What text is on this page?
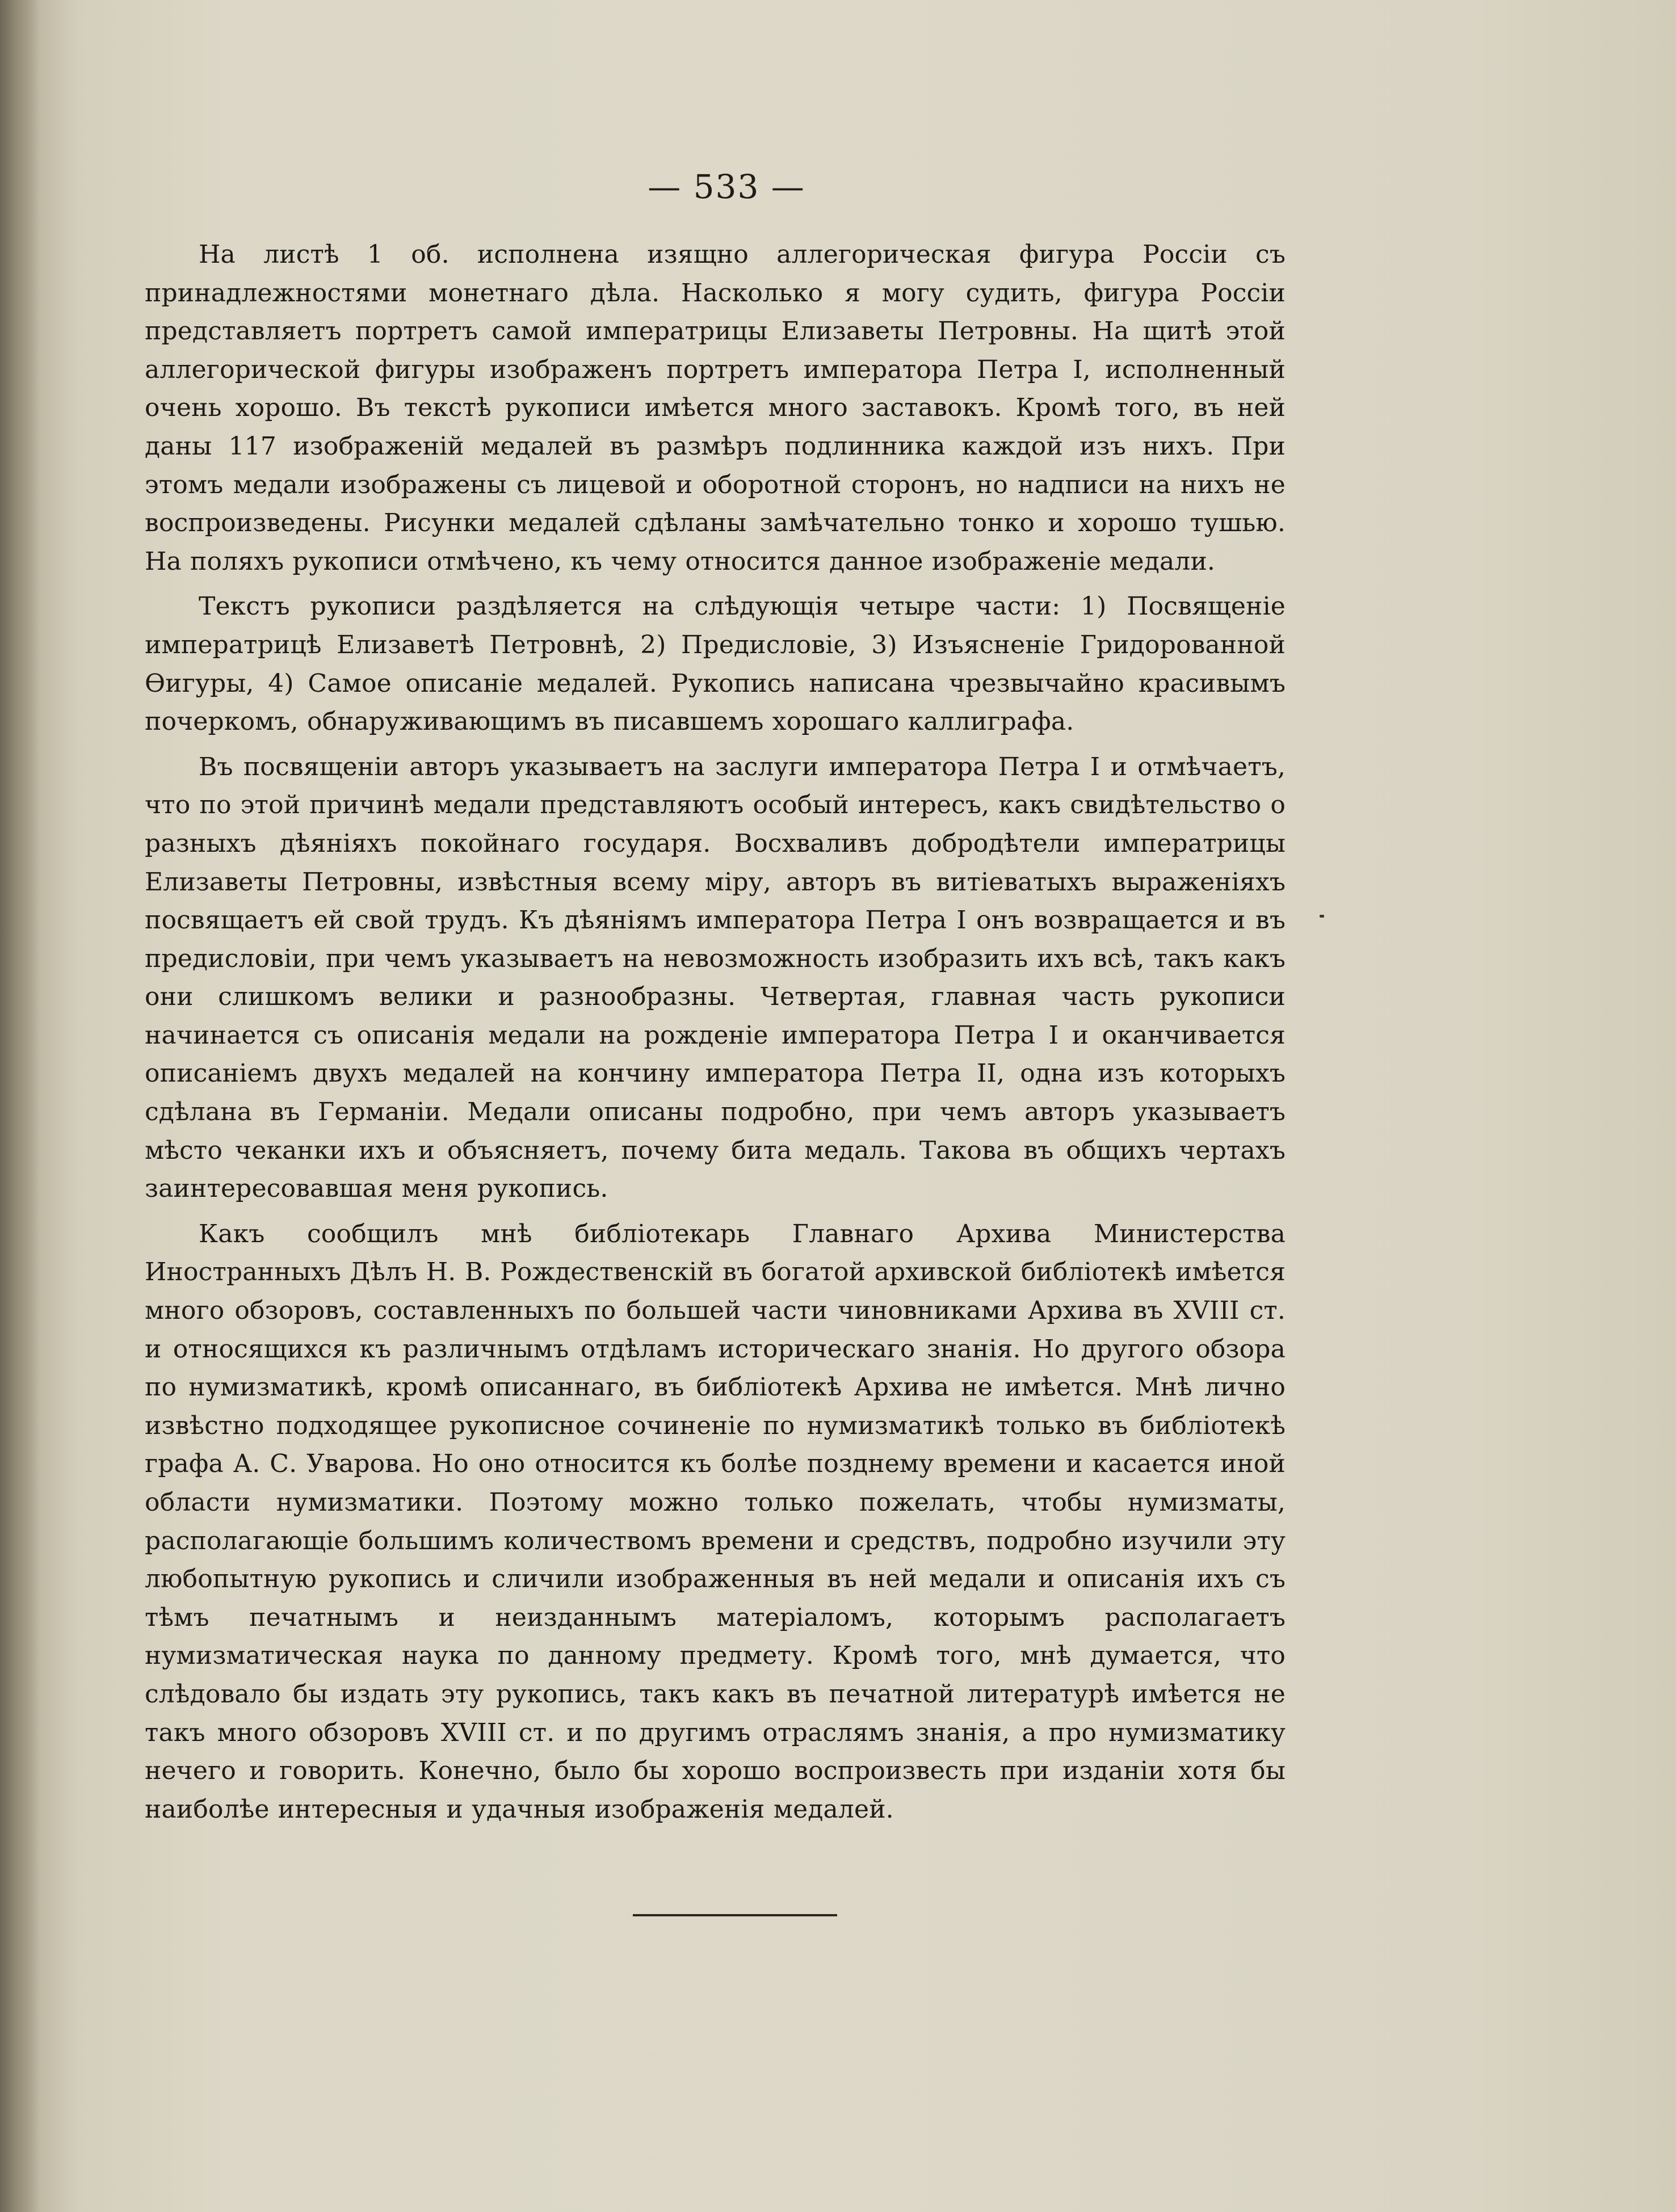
— 533 —

На листѣ 1 об. исполнена изящно аллегорическая фигура Россіи съ принадлежностями монетнаго дѣла. Насколько я могу судить, фигура Россіи представляетъ портретъ самой императрицы Елизаветы Петровны. На щитѣ этой аллегорической фигуры изображенъ портретъ императора Петра I, исполненный очень хорошо. Въ текстѣ рукописи имѣется много заставокъ. Кромѣ того, въ ней даны 117 изображеній медалей въ размѣръ подлинника каждой изъ нихъ. При этомъ медали изображены съ лицевой и оборотной сторонъ, но надписи на нихъ не воспроизведены. Рисунки медалей сдѣланы замѣчательно тонко и хорошо тушью. На поляхъ рукописи отмѣчено, къ чему относится данное изображеніе медали.

Текстъ рукописи раздѣляется на слѣдующія четыре части: 1) Посвященіе императрицѣ Елизаветѣ Петровнѣ, 2) Предисловіе, 3) Изъясненіе Гридорованной Ѳигуры, 4) Самое описаніе медалей. Рукопись написана чрезвычайно красивымъ почеркомъ, обнаруживающимъ въ писавшемъ хорошаго каллиграфа.

Въ посвященіи авторъ указываетъ на заслуги императора Петра I и отмѣчаетъ, что по этой причинѣ медали представляютъ особый интересъ, какъ свидѣтельство о разныхъ дѣяніяхъ покойнаго государя. Восхваливъ добродѣтели императрицы Елизаветы Петровны, извѣстныя всему міру, авторъ въ витіеватыхъ выраженіяхъ посвящаетъ ей свой трудъ. Къ дѣяніямъ императора Петра I онъ возвращается и въ предисловіи, при чемъ указываетъ на невозможность изобразить ихъ всѣ, такъ какъ они слишкомъ велики и разнообразны. Четвертая, главная часть рукописи начинается съ описанія медали на рожденіе императора Петра I и оканчивается описаніемъ двухъ медалей на кончину императора Петра II, одна изъ которыхъ сдѣлана въ Германіи. Медали описаны подробно, при чемъ авторъ указываетъ мѣсто чеканки ихъ и объясняетъ, почему бита медаль. Такова въ общихъ чертахъ заинтересовавшая меня рукопись.

Какъ сообщилъ мнѣ библіотекарь Главнаго Архива Министерства Иностранныхъ Дѣлъ Н. В. Рождественскій въ богатой архивской библіотекѣ имѣется много обзоровъ, составленныхъ по большей части чиновниками Архива въ XVIII ст. и относящихся къ различнымъ отдѣламъ историческаго знанія. Но другого обзора по нумизматикѣ, кромѣ описаннаго, въ библіотекѣ Архива не имѣется. Мнѣ лично извѣстно подходящее рукописное сочиненіе по нумизматикѣ только въ библіотекѣ графа А. С. Уварова. Но оно относится къ болѣе позднему времени и касается иной области нумизматики. Поэтому можно только пожелать, чтобы нумизматы, располагающіе большимъ количествомъ времени и средствъ, подробно изучили эту любопытную рукопись и сличили изображенныя въ ней медали и описанія ихъ съ тѣмъ печатнымъ и неизданнымъ матеріаломъ, которымъ располагаетъ нумизматическая наука по данному предмету. Кромѣ того, мнѣ думается, что слѣдовало бы издать эту рукопись, такъ какъ въ печатной литературѣ имѣется не такъ много обзоровъ XVIII ст. и по другимъ отраслямъ знанія, а про нумизматику нечего и говорить. Конечно, было бы хорошо воспроизвесть при изданіи хотя бы наиболѣе интересныя и удачныя изображенія медалей.
